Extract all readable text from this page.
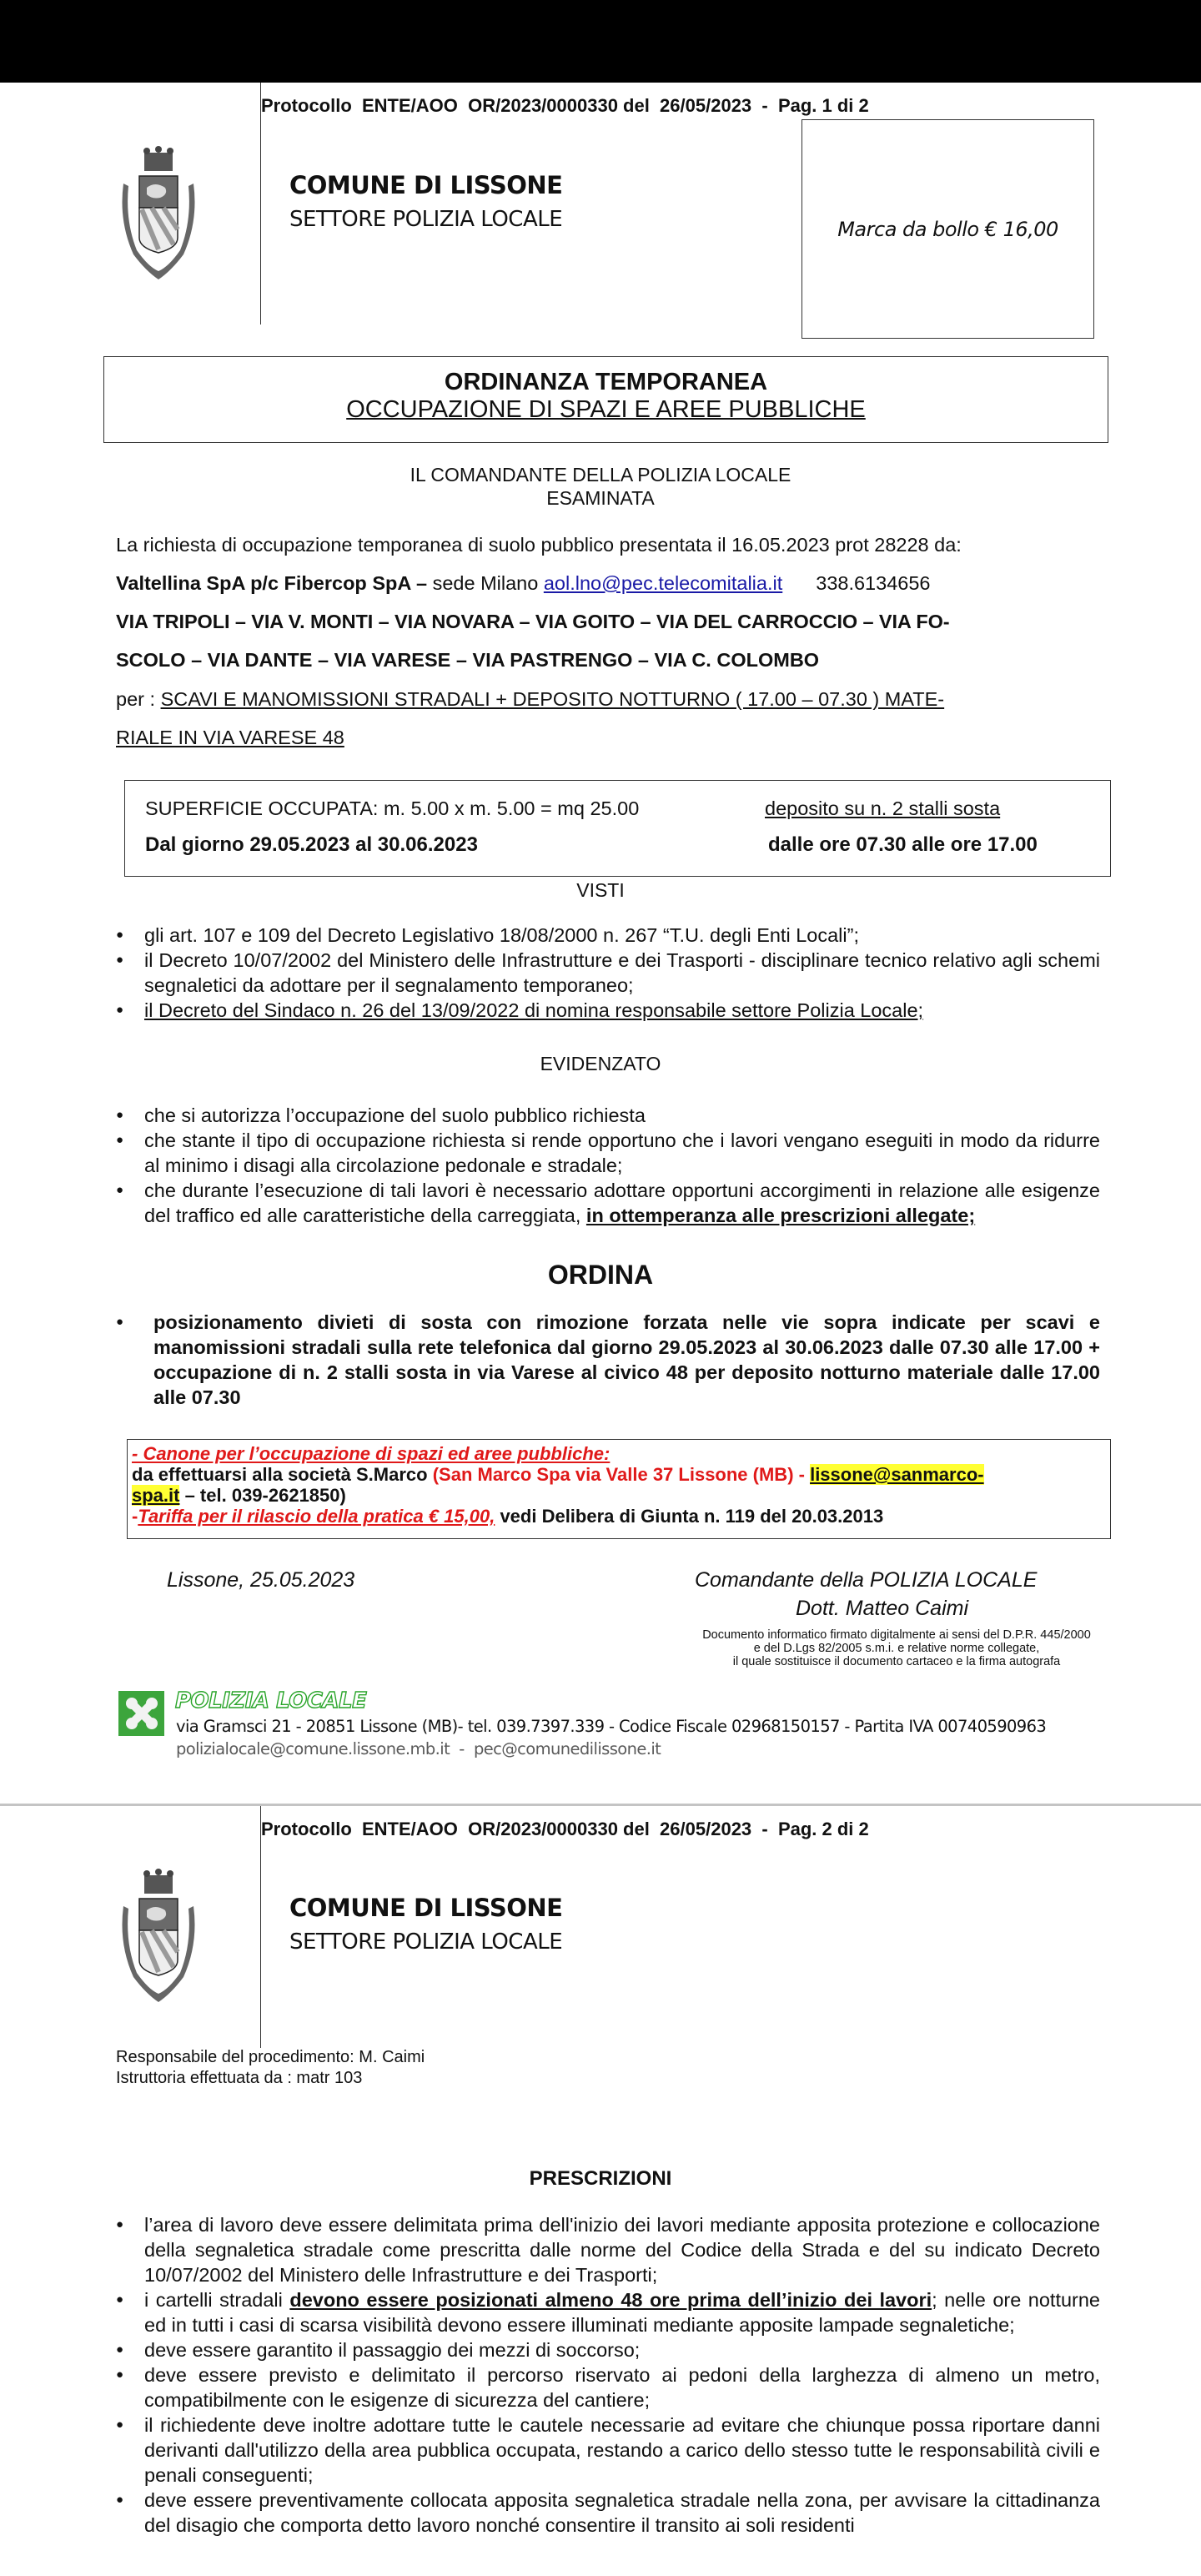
Protocollo  ENTE/AOO  OR/2023/0000330 del  26/05/2023  -  Pag. 1 di 2
COMUNE DI LISSONE
SETTORE POLIZIA LOCALE	Marca da bollo € 16,00
ORDINANZA TEMPORANEA
OCCUPAZIONE DI SPAZI E AREE PUBBLICHE
IL COMANDANTE DELLA POLIZIA LOCALE
ESAMINATA
La richiesta di occupazione temporanea di suolo pubblico presentata il 16.05.2023 prot 28228 da:
Valtellina SpA p/c Fibercop SpA – sede Milano aol.lno@pec.telecomitalia.it 338.6134656
VIA TRIPOLI – VIA V. MONTI – VIA NOVARA – VIA GOITO – VIA DEL CARROCCIO – VIA FO-
SCOLO – VIA DANTE – VIA VARESE – VIA PASTRENGO – VIA C. COLOMBO
per : SCAVI E MANOMISSIONI STRADALI + DEPOSITO NOTTURNO ( 17.00 – 07.30 ) MATE-
RIALE IN VIA VARESE 48
SUPERFICIE OCCUPATA: m. 5.00 x m. 5.00 = mq 25.00	deposito su n. 2 stalli sosta
Dal giorno 29.05.2023 al 30.06.2023	dalle ore 07.30 alle ore 17.00
VISTI
● gli art. 107 e 109 del Decreto Legislativo 18/08/2000 n. 267 “T.U. degli Enti Locali”;
● il Decreto 10/07/2002 del Ministero delle Infrastrutture e dei Trasporti - disciplinare tecnico relativo agli schemi segnaletici da adottare per il segnalamento temporaneo;
● il Decreto del Sindaco n. 26 del 13/09/2022 di nomina responsabile settore Polizia Locale;
EVIDENZATO
● che si autorizza l’occupazione del suolo pubblico richiesta
● che stante il tipo di occupazione richiesta si rende opportuno che i lavori vengano eseguiti in modo da ridurre al minimo i disagi alla circolazione pedonale e stradale;
● che durante l’esecuzione di tali lavori è necessario adottare opportuni accorgimenti in relazione alle esigenze del traffico ed alle caratteristiche della carreggiata, in ottemperanza alle prescrizioni allegate;
ORDINA
● posizionamento divieti di sosta con rimozione forzata nelle vie sopra indicate per scavi e manomissioni stradali sulla rete telefonica dal giorno 29.05.2023 al 30.06.2023 dalle 07.30 alle 17.00 + occupazione di n. 2 stalli sosta in via Varese al civico 48 per deposito notturno materiale dalle 17.00 alle 07.30
- Canone per l’occupazione di spazi ed aree pubbliche:
da effettuarsi alla società S.Marco (San Marco Spa via Valle 37 Lissone (MB) - lissone@sanmarco-
spa.it – tel. 039-2621850)
-Tariffa per il rilascio della pratica € 15,00, vedi Delibera di Giunta n. 119 del 20.03.2013
Lissone, 25.05.2023	Comandante della POLIZIA LOCALE
Dott. Matteo Caimi
Documento informatico firmato digitalmente ai sensi del D.P.R. 445/2000
e del D.Lgs 82/2005 s.m.i. e relative norme collegate,
il quale sostituisce il documento cartaceo e la firma autografa
POLIZIA LOCALE
via Gramsci 21 - 20851 Lissone (MB)- tel. 039.7397.339 - Codice Fiscale 02968150157 - Partita IVA 00740590963
polizialocale@comune.lissone.mb.it  -  pec@comunedilissone.it
Protocollo  ENTE/AOO  OR/2023/0000330 del  26/05/2023  -  Pag. 2 di 2
COMUNE DI LISSONE
SETTORE POLIZIA LOCALE
Responsabile del procedimento: M. Caimi
Istruttoria effettuata da : matr 103
PRESCRIZIONI
● l’area di lavoro deve essere delimitata prima dell'inizio dei lavori mediante apposita protezione e collocazione della segnaletica stradale come prescritta dalle norme del Codice della Strada e del su indicato Decreto 10/07/2002 del Ministero delle Infrastrutture e dei Trasporti;
● i cartelli stradali devono essere posizionati almeno 48 ore prima dell’inizio dei lavori; nelle ore notturne ed in tutti i casi di scarsa visibilità devono essere illuminati mediante apposite lampade segnaletiche;
● deve essere garantito il passaggio dei mezzi di soccorso;
● deve essere previsto e delimitato il percorso riservato ai pedoni della larghezza di almeno un metro, compatibilmente con le esigenze di sicurezza del cantiere;
● il richiedente deve inoltre adottare tutte le cautele necessarie ad evitare che chiunque possa riportare danni derivanti dall'utilizzo della area pubblica occupata, restando a carico dello stesso tutte le responsabilità civili e penali conseguenti;
● deve essere preventivamente collocata apposita segnaletica stradale nella zona, per avvisare la cittadinanza del disagio che comporta detto lavoro nonché consentire il transito ai soli residenti
